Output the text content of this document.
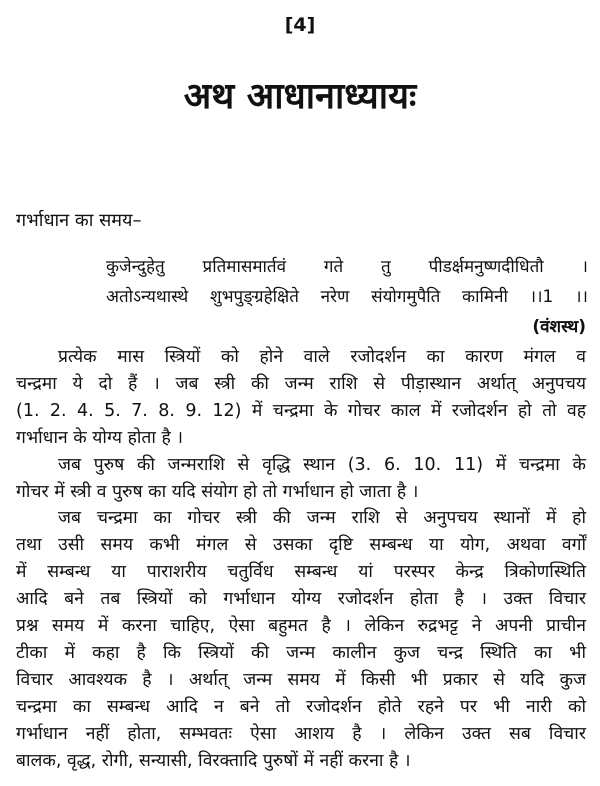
[4]
अथ आधानाध्यायः
गर्भाधान का समय–
कुजेन्दुहेतु प्रतिमासमार्तवं गते तु पीडर्क्षमनुष्णदीधितौ ।
अतोऽन्यथास्थे शुभपुङ्ग्रहेक्षिते नरेण संयोगमुपैति कामिनी ।।1 ।।
(वंशस्थ)
प्रत्येक मास स्त्रियों को होने वाले रजोदर्शन का कारण मंगल व
चन्द्रमा ये दो हैं । जब स्त्री की जन्म राशि से पीड़ास्थान अर्थात् अनुपचय
(1. 2. 4. 5. 7. 8. 9. 12) में चन्द्रमा के गोचर काल में रजोदर्शन हो तो वह
गर्भाधान के योग्य होता है ।
जब पुरुष की जन्मराशि से वृद्धि स्थान (3. 6. 10. 11) में चन्द्रमा के
गोचर में स्त्री व पुरुष का यदि संयोग हो तो गर्भाधान हो जाता है ।
जब चन्द्रमा का गोचर स्त्री की जन्म राशि से अनुपचय स्थानों में हो
तथा उसी समय कभी मंगल से उसका दृष्टि सम्बन्ध या योग, अथवा वर्गों
में सम्बन्ध या पाराशरीय चतुर्विध सम्बन्ध यां परस्पर केन्द्र त्रिकोणस्थिति
आदि बने तब स्त्रियों को गर्भाधान योग्य रजोदर्शन होता है । उक्त विचार
प्रश्न समय में करना चाहिए, ऐसा बहुमत है । लेकिन रुद्रभट्ट ने अपनी प्राचीन
टीका में कहा है कि स्त्रियों की जन्म कालीन कुज चन्द्र स्थिति का भी
विचार आवश्यक है । अर्थात् जन्म समय में किसी भी प्रकार से यदि कुज
चन्द्रमा का सम्बन्ध आदि न बने तो रजोदर्शन होते रहने पर भी नारी को
गर्भाधान नहीं होता, सम्भवतः ऐसा आशय है । लेकिन उक्त सब विचार
बालक, वृद्ध, रोगी, सन्यासी, विरक्तादि पुरुषों में नहीं करना है ।
